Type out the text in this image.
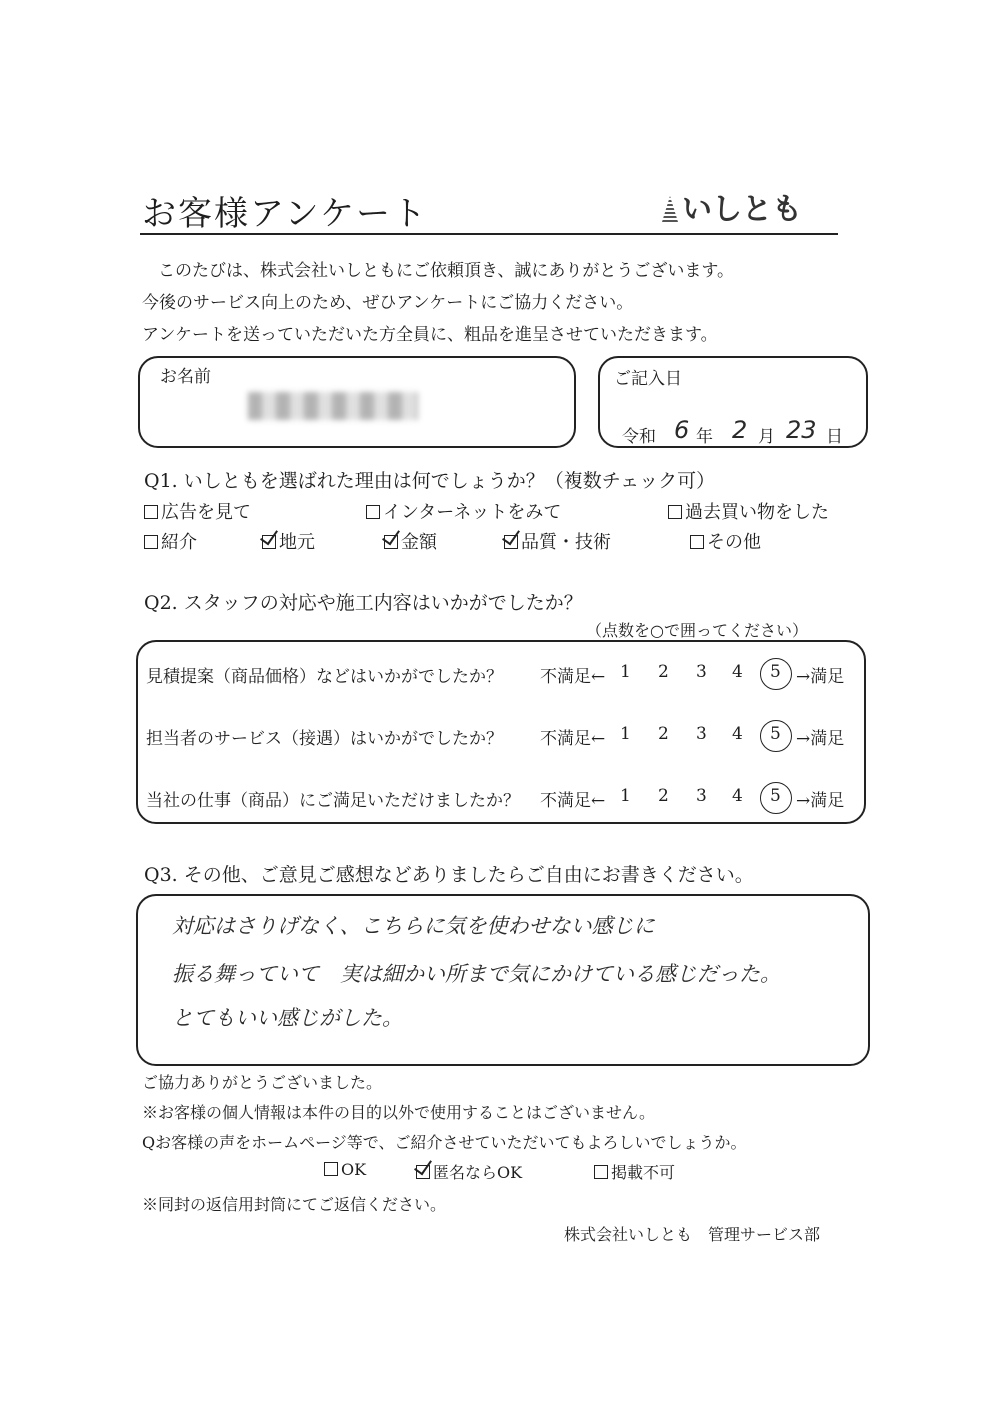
お客様アンケート	いしとも
このたびは、株式会社いしともにご依頼頂き、誠にありがとうございます。
今後のサービス向上のため、ぜひアンケートにご協力ください。
アンケートを送っていただいた方全員に、粗品を進呈させていただきます。
お名前	ご記入日
令和 6 年 2 月 23 日
Q1. いしともを選ばれた理由は何でしょうか？（複数チェック可）
広告を見て	インターネットをみて	過去買い物をした
紹介	地元	金額	品質・技術	その他
Q2. スタッフの対応や施工内容はいかがでしたか？
（点数を○で囲ってください）
見積提案（商品価格）などはいかがでしたか？ 不満足← 1 2 3 4 5 →満足
担当者のサービス（接遇）はいかがでしたか？ 不満足← 1 2 3 4 5 →満足
当社の仕事（商品）にご満足いただけましたか？ 不満足← 1 2 3 4 5 →満足
Q3. その他、ご意見ご感想などありましたらご自由にお書きください。
対応はさりげなく、こちらに気を使わせない感じに
振る舞っていて　実は細かい所まで気にかけている感じだった。
とてもいい感じがした。
ご協力ありがとうございました。
※お客様の個人情報は本件の目的以外で使用することはございません。
Qお客様の声をホームページ等で、ご紹介させていただいてもよろしいでしょうか。
OK	匿名ならOK	掲載不可
※同封の返信用封筒にてご返信ください。
株式会社いしとも　管理サービス部
